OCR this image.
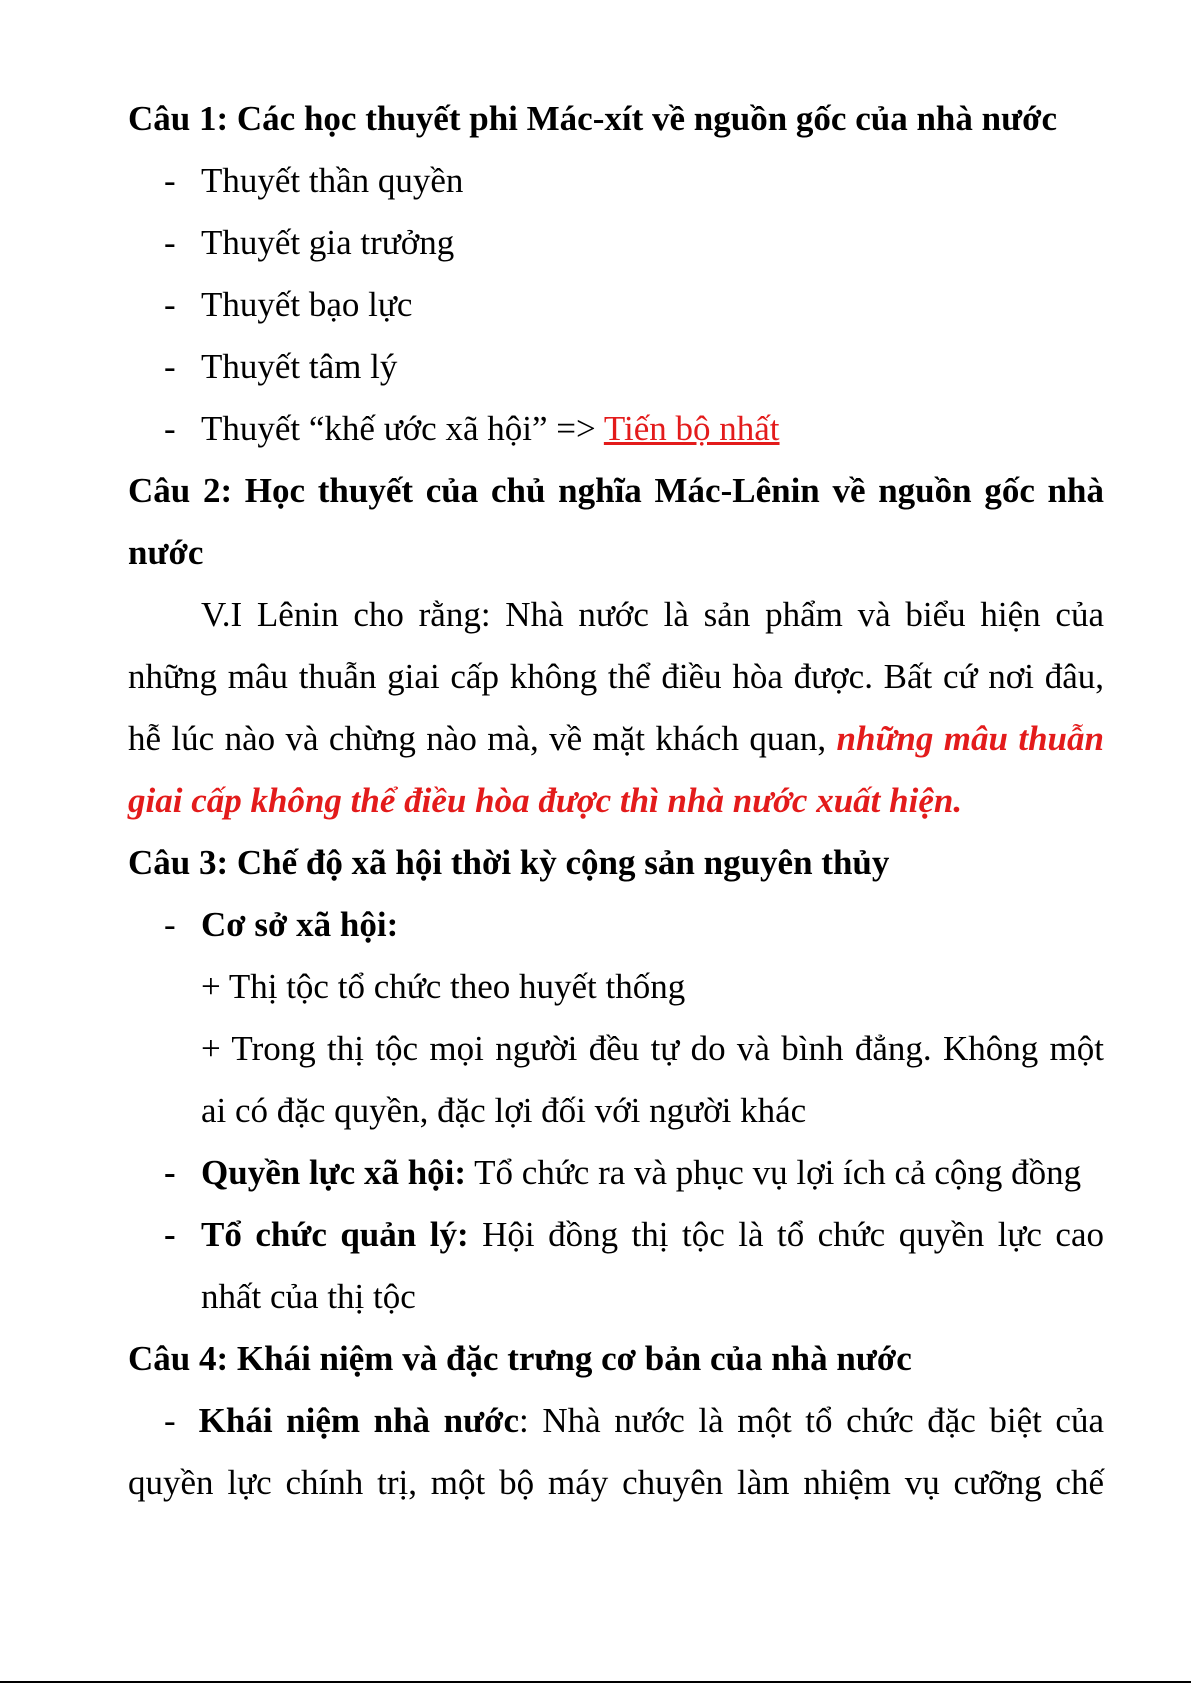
Câu 1: Các học thuyết phi Mác-xít về nguồn gốc của nhà nước

- Thuyết thần quyền

- Thuyết gia trưởng

- Thuyết bạo lực

- Thuyết tâm lý

- Thuyết “khế ước xã hội” => Tiến bộ nhất

Câu 2: Học thuyết của chủ nghĩa Mác-Lênin về nguồn gốc nhà nước

V.I Lênin cho rằng: Nhà nước là sản phẩm và biểu hiện của những mâu thuẫn giai cấp không thể điều hòa được. Bất cứ nơi đâu, hễ lúc nào và chừng nào mà, về mặt khách quan, những mâu thuẫn giai cấp không thể điều hòa được thì nhà nước xuất hiện.

Câu 3: Chế độ xã hội thời kỳ cộng sản nguyên thủy

- Cơ sở xã hội:

+ Thị tộc tổ chức theo huyết thống

+ Trong thị tộc mọi người đều tự do và bình đẳng. Không một ai có đặc quyền, đặc lợi đối với người khác

- Quyền lực xã hội: Tổ chức ra và phục vụ lợi ích cả cộng đồng

- Tổ chức quản lý: Hội đồng thị tộc là tổ chức quyền lực cao nhất của thị tộc

Câu 4: Khái niệm và đặc trưng cơ bản của nhà nước

- Khái niệm nhà nước: Nhà nước là một tổ chức đặc biệt của quyền lực chính trị, một bộ máy chuyên làm nhiệm vụ cưỡng chế
